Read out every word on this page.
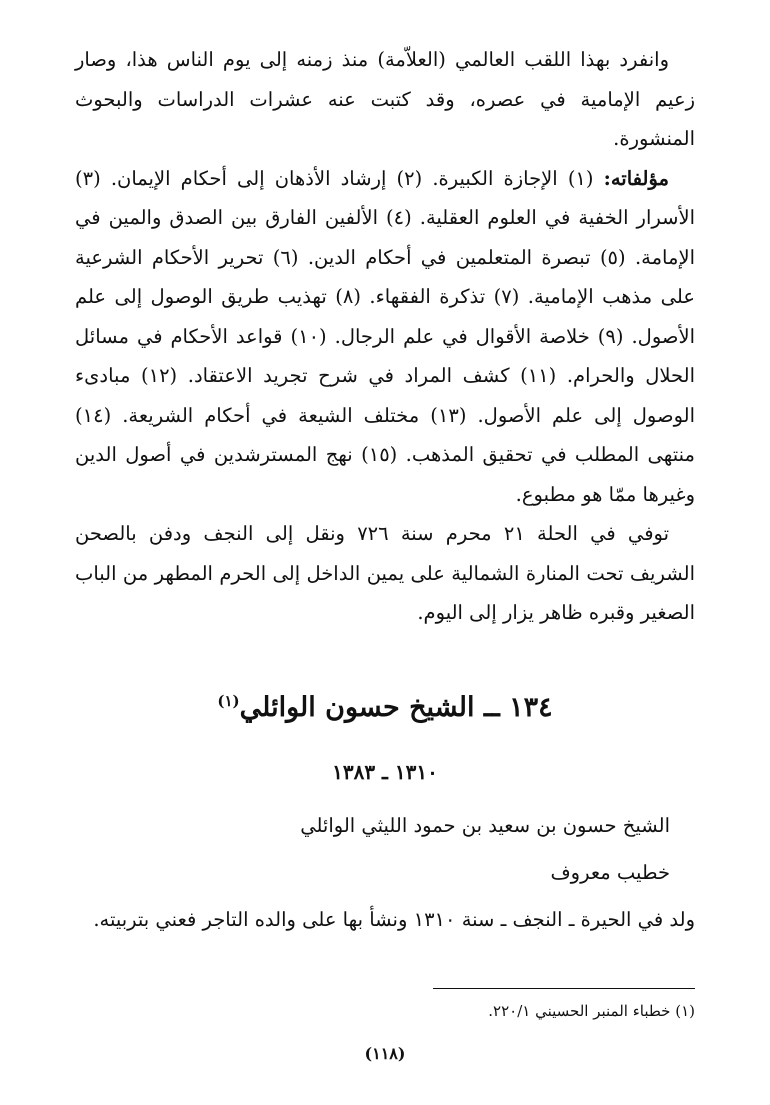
وانفرد بهذا اللقب العالمي (العلاّمة) منذ زمنه إلى يوم الناس هذا، وصار زعيم الإمامية في عصره، وقد كتبت عنه عشرات الدراسات والبحوث المنشورة.

مؤلفاته: (١) الإجازة الكبيرة. (٢) إرشاد الأذهان إلى أحكام الإيمان. (٣) الأسرار الخفية في العلوم العقلية. (٤) الألفين الفارق بين الصدق والمين في الإمامة. (٥) تبصرة المتعلمين في أحكام الدين. (٦) تحرير الأحكام الشرعية على مذهب الإمامية. (٧) تذكرة الفقهاء. (٨) تهذيب طريق الوصول إلى علم الأصول. (٩) خلاصة الأقوال في علم الرجال. (١٠) قواعد الأحكام في مسائل الحلال والحرام. (١١) كشف المراد في شرح تجريد الاعتقاد. (١٢) مبادىء الوصول إلى علم الأصول. (١٣) مختلف الشيعة في أحكام الشريعة. (١٤) منتهى المطلب في تحقيق المذهب. (١٥) نهج المسترشدين في أصول الدين وغيرها ممّا هو مطبوع.

توفي في الحلة ٢١ محرم سنة ٧٢٦ ونقل إلى النجف ودفن بالصحن الشريف تحت المنارة الشمالية على يمين الداخل إلى الحرم المطهر من الباب الصغير وقبره ظاهر يزار إلى اليوم.

١٣٤ ــ الشيخ حسون الوائلي$^{(١)}$
١٣١٠ ـ ١٣٨٣

الشيخ حسون بن سعيد بن حمود الليثي الوائلي

خطيب معروف

ولد في الحيرة ـ النجف ـ سنة ١٣١٠ ونشأ بها على والده التاجر فعني بتربيته.

(١) خطباء المنبر الحسيني ٢٢٠/١.
(١١٨)
